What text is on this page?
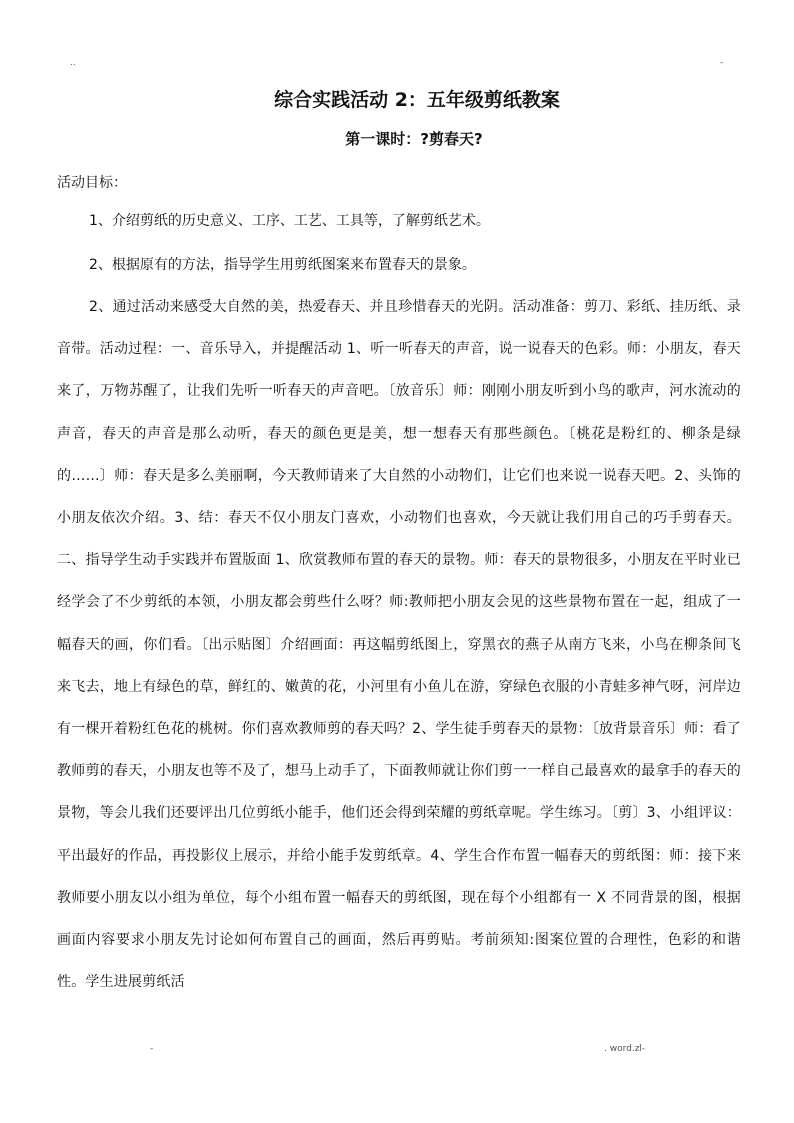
..	-
综合实践活动 2：五年级剪纸教案
第一课时：?剪春天?
活动目标：
1、介绍剪纸的历史意义、工序、工艺、工具等，了解剪纸艺术。
2、根据原有的方法，指导学生用剪纸图案来布置春天的景象。

2、通过活动来感受大自然的美，热爱春天、并且珍惜春天的光阴。活动准备：剪刀、彩纸、挂历纸、录音带。活动过程：一、音乐导入，并提醒活动 1、听一听春天的声音，说一说春天的色彩。师：小朋友，春天来了，万物苏醒了，让我们先听一听春天的声音吧。〔放音乐〕师：刚刚小朋友听到小鸟的歌声，河水流动的声音，春天的声音是那么动听，春天的颜色更是美，想一想春天有那些颜色。〔桃花是粉红的、柳条是绿的……〕师：春天是多么美丽啊，今天教师请来了大自然的小动物们，让它们也来说一说春天吧。2、头饰的小朋友依次介绍。3、结：春天不仅小朋友门喜欢，小动物们也喜欢，今天就让我们用自己的巧手剪春天。二、指导学生动手实践并布置版面 1、欣赏教师布置的春天的景物。师：春天的景物很多，小朋友在平时业已经学会了不少剪纸的本领，小朋友都会剪些什么呀？师:教师把小朋友会见的这些景物布置在一起，组成了一幅春天的画，你们看。〔出示贴图〕介绍画面：再这幅剪纸图上，穿黑衣的燕子从南方飞来，小鸟在柳条间飞来飞去，地上有绿色的草，鲜红的、嫩黄的花，小河里有小鱼儿在游，穿绿色衣服的小青蛙多神气呀，河岸边有一棵开着粉红色花的桃树。你们喜欢教师剪的春天吗？2、学生徒手剪春天的景物：〔放背景音乐〕师：看了教师剪的春天，小朋友也等不及了，想马上动手了，下面教师就让你们剪一一样自己最喜欢的最拿手的春天的景物，等会儿我们还要评出几位剪纸小能手，他们还会得到荣耀的剪纸章呢。学生练习。〔剪〕3、小组评议：平出最好的作品，再投影仪上展示，并给小能手发剪纸章。4、学生合作布置一幅春天的剪纸图：师：接下来教师要小朋友以小组为单位，每个小组布置一幅春天的剪纸图，现在每个小组都有一 X 不同背景的图，根据画面内容要求小朋友先讨论如何布置自己的画面，然后再剪贴。考前须知:图案位置的合理性，色彩的和谐性。学生进展剪纸活

-	. word.zl-
